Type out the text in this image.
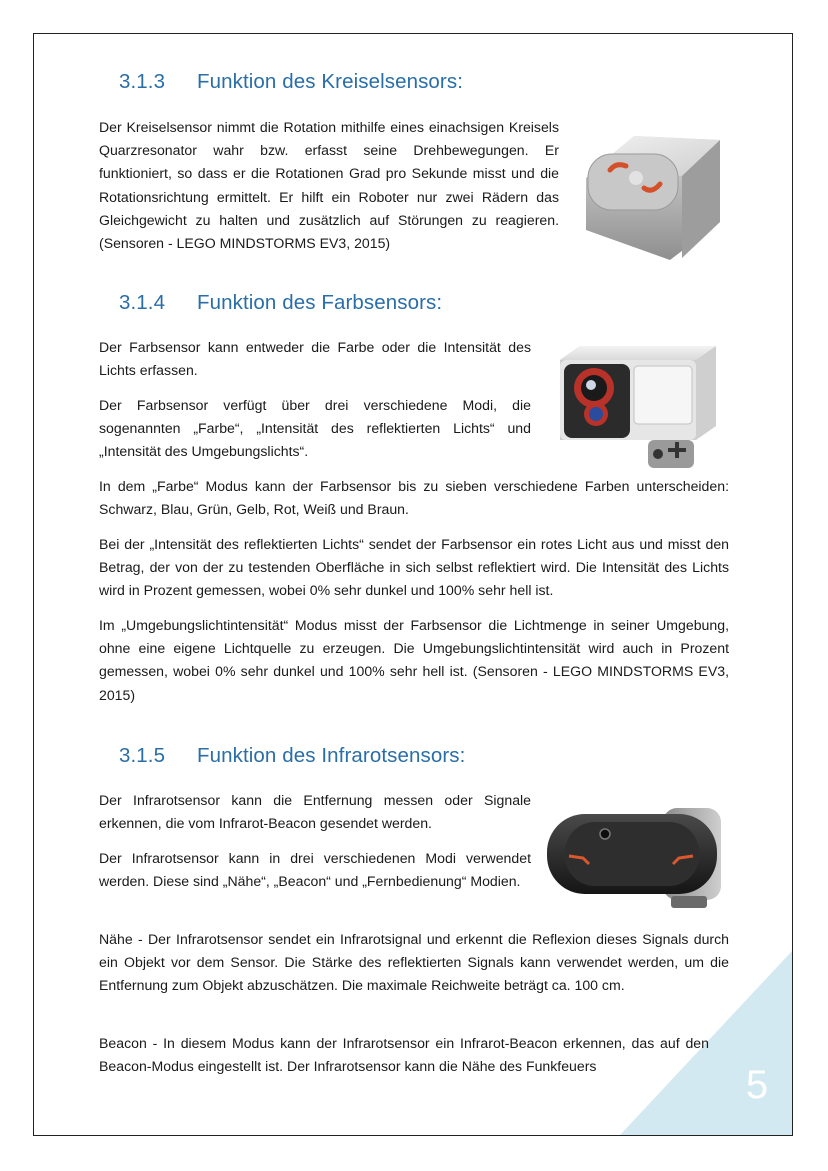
3.1.3 Funktion des Kreiselsensors:

Der Kreiselsensor nimmt die Rotation mithilfe eines einachsigen Kreisels Quarzresonator wahr bzw. erfasst seine Drehbewegungen. Er funktioniert, so dass er die Rotationen Grad pro Sekunde misst und die Rotationsrichtung ermittelt. Er hilft ein Roboter nur zwei Rädern das Gleichgewicht zu halten und zusätzlich auf Störungen zu reagieren. (Sensoren - LEGO MINDSTORMS EV3, 2015)

3.1.4 Funktion des Farbsensors:

Der Farbsensor kann entweder die Farbe oder die Intensität des Lichts erfassen.

Der Farbsensor verfügt über drei verschiedene Modi, die sogenannten „Farbe“, „Intensität des reflektierten Lichts“ und „Intensität des Umgebungslichts“.

In dem „Farbe“ Modus kann der Farbsensor bis zu sieben verschiedene Farben unterscheiden: Schwarz, Blau, Grün, Gelb, Rot, Weiß und Braun.

Bei der „Intensität des reflektierten Lichts“ sendet der Farbsensor ein rotes Licht aus und misst den Betrag, der von der zu testenden Oberfläche in sich selbst reflektiert wird. Die Intensität des Lichts wird in Prozent gemessen, wobei 0% sehr dunkel und 100% sehr hell ist.

Im „Umgebungslichtintensität“ Modus misst der Farbsensor die Lichtmenge in seiner Umgebung, ohne eine eigene Lichtquelle zu erzeugen. Die Umgebungslichtintensität wird auch in Prozent gemessen, wobei 0% sehr dunkel und 100% sehr hell ist. (Sensoren - LEGO MINDSTORMS EV3, 2015)

3.1.5 Funktion des Infrarotsensors:

Der Infrarotsensor kann die Entfernung messen oder Signale erkennen, die vom Infrarot-Beacon gesendet werden.

Der Infrarotsensor kann in drei verschiedenen Modi verwendet werden. Diese sind „Nähe“, „Beacon“ und „Fernbedienung“ Modien.

Nähe - Der Infrarotsensor sendet ein Infrarotsignal und erkennt die Reflexion dieses Signals durch ein Objekt vor dem Sensor. Die Stärke des reflektierten Signals kann verwendet werden, um die Entfernung zum Objekt abzuschätzen. Die maximale Reichweite beträgt ca. 100 cm.

Beacon - In diesem Modus kann der Infrarotsensor ein Infrarot-Beacon erkennen, das auf den Beacon-Modus eingestellt ist. Der Infrarotsensor kann die Nähe des Funkfeuers	5
